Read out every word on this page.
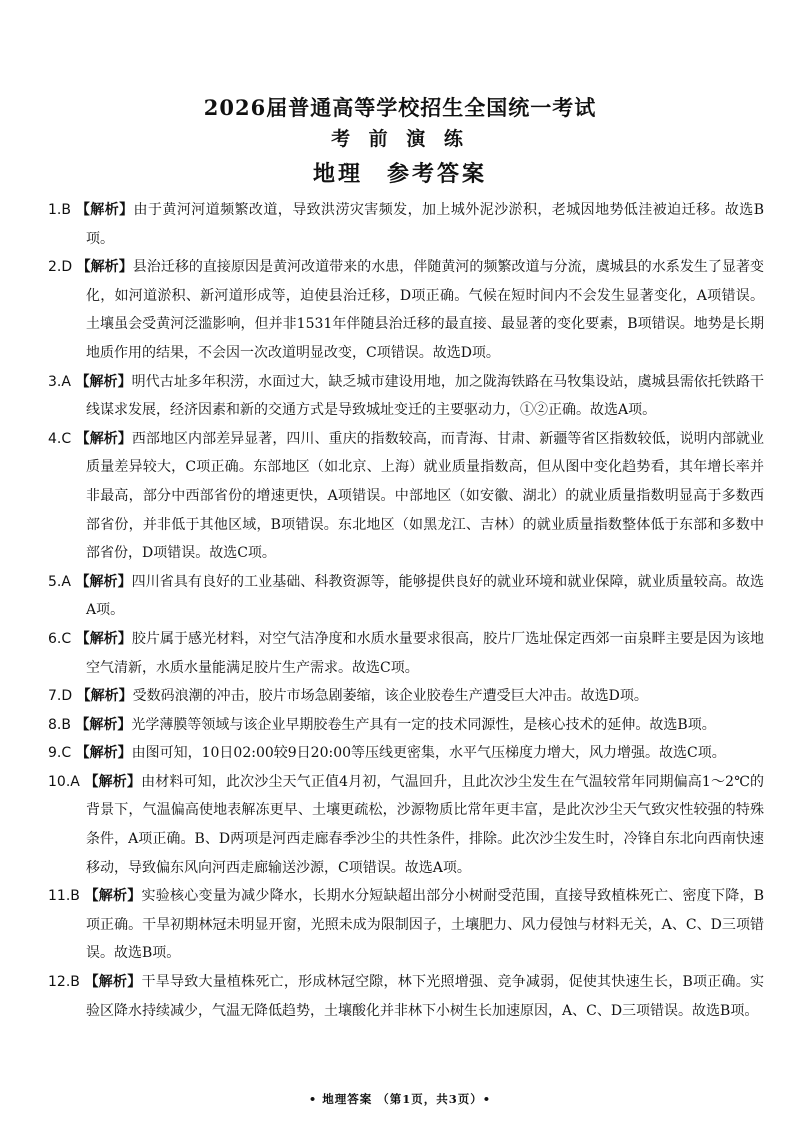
2026届普通高等学校招生全国统一考试
考 前 演 练
地理 参考答案

1.B 【解析】由于黄河河道频繁改道，导致洪涝灾害频发，加上城外泥沙淤积，老城因地势低洼被迫迁移。故选B项。

2.D 【解析】县治迁移的直接原因是黄河改道带来的水患，伴随黄河的频繁改道与分流，虞城县的水系发生了显著变化，如河道淤积、新河道形成等，迫使县治迁移，D项正确。气候在短时间内不会发生显著变化，A项错误。土壤虽会受黄河泛滥影响，但并非1531年伴随县治迁移的最直接、最显著的变化要素，B项错误。地势是长期地质作用的结果，不会因一次改道明显改变，C项错误。故选D项。

3.A 【解析】明代古址多年积涝，水面过大，缺乏城市建设用地，加之陇海铁路在马牧集设站，虞城县需依托铁路干线谋求发展，经济因素和新的交通方式是导致城址变迁的主要驱动力，①②正确。故选A项。

4.C 【解析】西部地区内部差异显著，四川、重庆的指数较高，而青海、甘肃、新疆等省区指数较低，说明内部就业质量差异较大，C项正确。东部地区（如北京、上海）就业质量指数高，但从图中变化趋势看，其年增长率并非最高，部分中西部省份的增速更快，A项错误。中部地区（如安徽、湖北）的就业质量指数明显高于多数西部省份，并非低于其他区域，B项错误。东北地区（如黑龙江、吉林）的就业质量指数整体低于东部和多数中部省份，D项错误。故选C项。

5.A 【解析】四川省具有良好的工业基础、科教资源等，能够提供良好的就业环境和就业保障，就业质量较高。故选A项。

6.C 【解析】胶片属于感光材料，对空气洁净度和水质水量要求很高，胶片厂选址保定西郊一亩泉畔主要是因为该地空气清新，水质水量能满足胶片生产需求。故选C项。

7.D 【解析】受数码浪潮的冲击，胶片市场急剧萎缩，该企业胶卷生产遭受巨大冲击。故选D项。

8.B 【解析】光学薄膜等领域与该企业早期胶卷生产具有一定的技术同源性，是核心技术的延伸。故选B项。

9.C 【解析】由图可知，10日02:00较9日20:00等压线更密集，水平气压梯度力增大，风力增强。故选C项。

10.A 【解析】由材料可知，此次沙尘天气正值4月初，气温回升，且此次沙尘发生在气温较常年同期偏高1～2℃的背景下，气温偏高使地表解冻更早、土壤更疏松，沙源物质比常年更丰富，是此次沙尘天气致灾性较强的特殊条件，A项正确。B、D两项是河西走廊春季沙尘的共性条件，排除。此次沙尘发生时，冷锋自东北向西南快速移动，导致偏东风向河西走廊输送沙源，C项错误。故选A项。

11.B 【解析】实验核心变量为减少降水，长期水分短缺超出部分小树耐受范围，直接导致植株死亡、密度下降，B项正确。干旱初期林冠未明显开窗，光照未成为限制因子，土壤肥力、风力侵蚀与材料无关，A、C、D三项错误。故选B项。

12.B 【解析】干旱导致大量植株死亡，形成林冠空隙，林下光照增强、竞争减弱，促使其快速生长，B项正确。实验区降水持续减少，气温无降低趋势，土壤酸化并非林下小树生长加速原因，A、C、D三项错误。故选B项。

• 地理答案 （第1页，共3页）•
